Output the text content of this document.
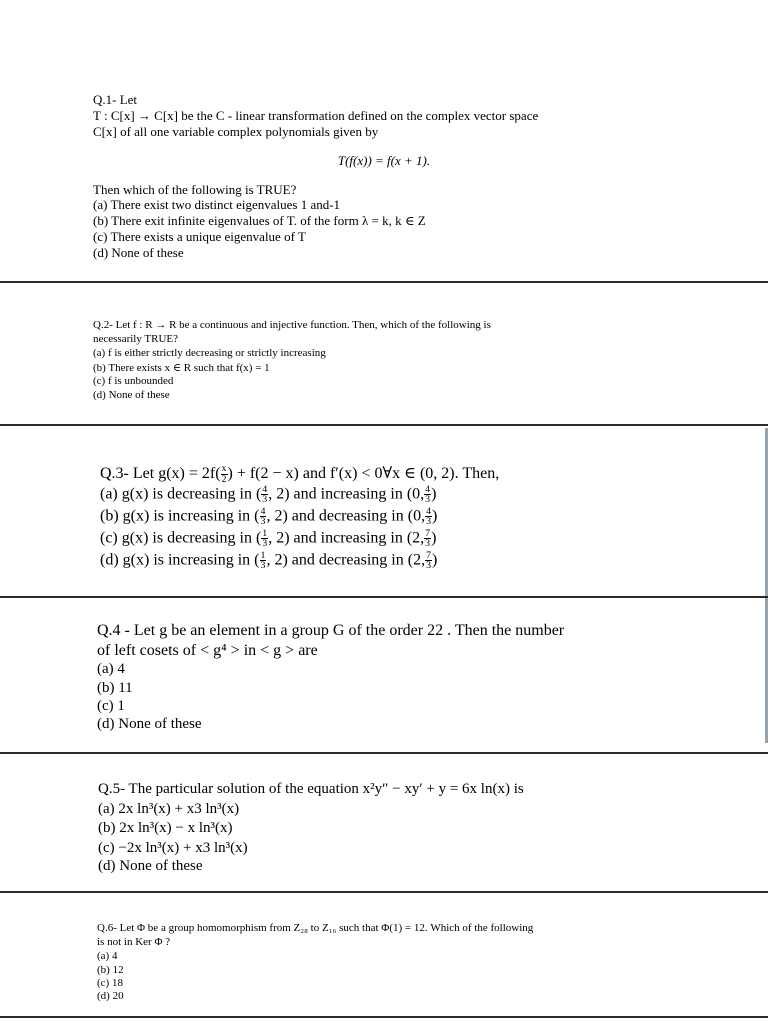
Q.1- Let
T : C[x] → C[x] be the C - linear transformation defined on the complex vector space
C[x] of all one variable complex polynomials given by
T(f(x)) = f(x + 1).
Then which of the following is TRUE?
(a) There exist two distinct eigenvalues 1 and-1
(b) There exit infinite eigenvalues of T. of the form λ = k, k ∈ Z
(c) There exists a unique eigenvalue of T
(d) None of these
Q.2- Let f : R → R be a continuous and injective function. Then, which of the following is
necessarily TRUE?
(a) f is either strictly decreasing or strictly increasing
(b) There exists x ∈ R such that f(x) = 1
(c) f is unbounded
(d) None of these
Q.3- Let $g(x) = 2f( \frac{x}{2}$ ) + f(2 − x) and f′(x) < 0∀x ∈ (0, 2). Then,
(a) g(x) is decreasing in ( $\frac{4}{3}$ , 2) and increasing in (0, $\frac{4}{3}$ )
(b) g(x) is increasing in ( $\frac{4}{3}$ , 2) and decreasing in (0, $\frac{4}{3}$ )
(c) g(x) is decreasing in ( $\frac{1}{3}$ , 2) and increasing in (2, $\frac{7}{3}$ )
(d) g(x) is increasing in ( $\frac{1}{3}$ , 2) and decreasing in (2, $\frac{7}{3}$ )
Q.4 - Let g be an element in a group G of the order 22 . Then the number
of left cosets of < g⁴ > in < g > are
(a) 4
(b) 11
(c) 1
(d) None of these
Q.5- The particular solution of the equation x²y″ − xy′ + y = 6x ln(x) is
(a) 2x ln³(x) + x3 ln³(x)
(b) 2x ln³(x) − x ln³(x)
(c) −2x ln³(x) + x3 ln³(x)
(d) None of these
Q.6- Let Φ be a group homomorphism from Z₂₈ to Z₁₆ such that Φ(1) = 12. Which of the following
is not in Ker Φ ?
(a) 4
(b) 12
(c) 18
(d) 20
